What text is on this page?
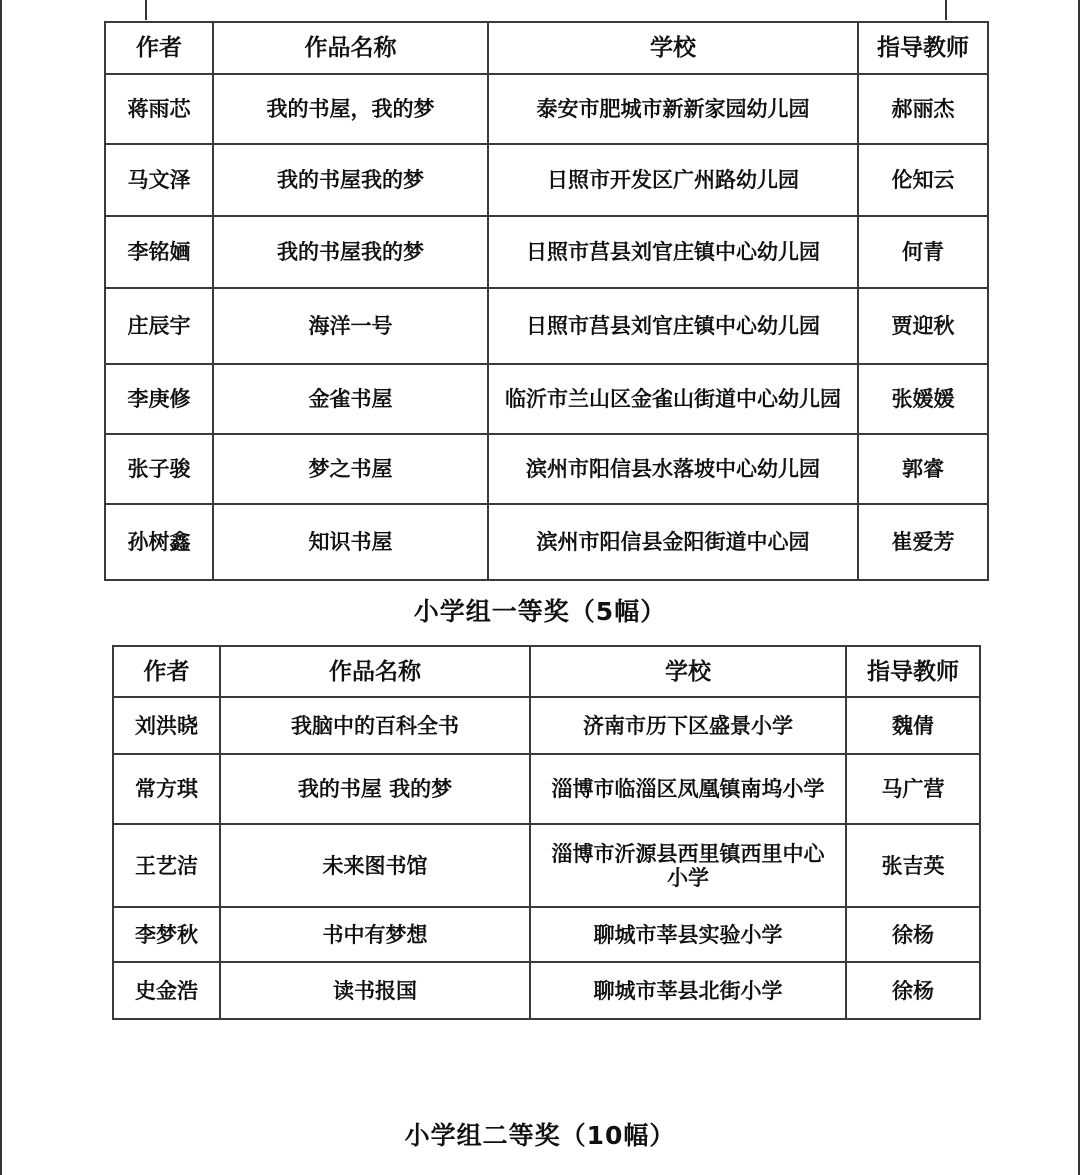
作者	作品名称	学校	指导教师
蒋雨芯	我的书屋，我的梦	泰安市肥城市新新家园幼儿园	郝丽杰
马文泽	我的书屋我的梦	日照市开发区广州路幼儿园	伦知云
李铭婳	我的书屋我的梦	日照市莒县刘官庄镇中心幼儿园	何青
庄辰宇	海洋一号	日照市莒县刘官庄镇中心幼儿园	贾迎秋
李庚修	金雀书屋	临沂市兰山区金雀山街道中心幼儿园	张媛媛
张子骏	梦之书屋	滨州市阳信县水落坡中心幼儿园	郭睿
孙树鑫	知识书屋	滨州市阳信县金阳街道中心园	崔爱芳
小学组一等奖（5幅）
作者	作品名称	学校	指导教师
刘洪晓	我脑中的百科全书	济南市历下区盛景小学	魏倩
常方琪	我的书屋 我的梦	淄博市临淄区凤凰镇南坞小学	马广营
王艺洁	未来图书馆	淄博市沂源县西里镇西里中心小学	张吉英
李梦秋	书中有梦想	聊城市莘县实验小学	徐杨
史金浩	读书报国	聊城市莘县北街小学	徐杨
小学组二等奖（10幅）
